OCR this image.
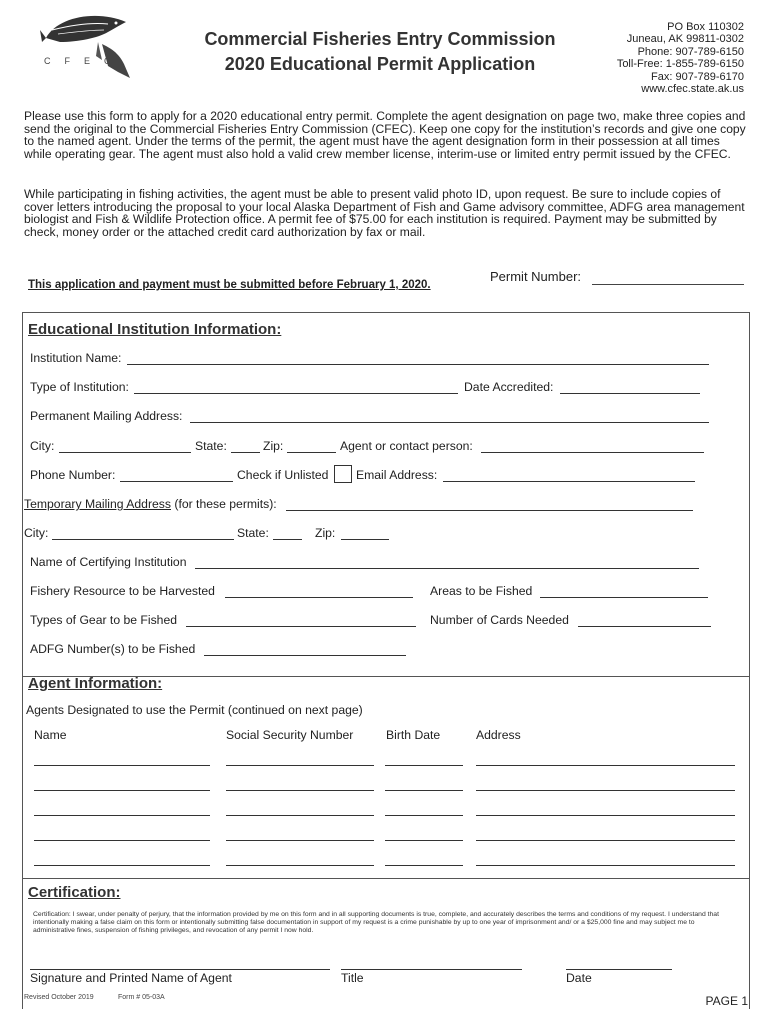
CFEC
Commercial Fisheries Entry Commission
2020 Educational Permit Application
PO Box 110302
Juneau, AK 99811-0302
Phone: 907-789-6150
Toll-Free: 1-855-789-6150
Fax: 907-789-6170
www.cfec.state.ak.us

Please use this form to apply for a 2020 educational entry permit. Complete the agent designation on page two, make three copies and send the original to the Commercial Fisheries Entry Commission (CFEC). Keep one copy for the institution’s records and give one copy to the named agent. Under the terms of the permit, the agent must have the agent designation form in their possession at all times while operating gear. The agent must also hold a valid crew member license, interim-use or limited entry permit issued by the CFEC.

While participating in fishing activities, the agent must be able to present valid photo ID, upon request. Be sure to include copies of cover letters introducing the proposal to your local Alaska Department of Fish and Game advisory committee, ADFG area management biologist and Fish & Wildlife Protection office. A permit fee of $75.00 for each institution is required. Payment may be submitted by check, money order or the attached credit card authorization by fax or mail.

This application and payment must be submitted before February 1, 2020.
Permit Number:
Educational Institution Information:
Institution Name:
Type of Institution:	Date Accredited:
Permanent Mailing Address:
City:	State:	Zip:	Agent or contact person:
Phone Number:	Check if Unlisted Email Address:
Temporary Mailing Address (for these permits):
City:	State:	Zip:
Name of Certifying Institution
Fishery Resource to be Harvested	Areas to be Fished
Types of Gear to be Fished	Number of Cards Needed
ADFG Number(s) to be Fished
Agent Information:
Agents Designated to use the Permit (continued on next page)
Name	Social Security Number	Birth Date	Address
Certification:
Certification: I swear, under penalty of perjury, that the information provided by me on this form and in all supporting documents is true, complete, and accurately describes the terms and conditions of my request. I understand that intentionally making a false claim on this form or intentionally submitting false documentation in support of my request is a crime punishable by up to one year of imprisonment and/ or a $25,000 fine and may subject me to administrative fines, suspension of fishing privileges, and revocation of any permit I now hold.
Signature and Printed Name of Agent	Title	Date
Revised October 2019	Form # 05-03A	PAGE 1
